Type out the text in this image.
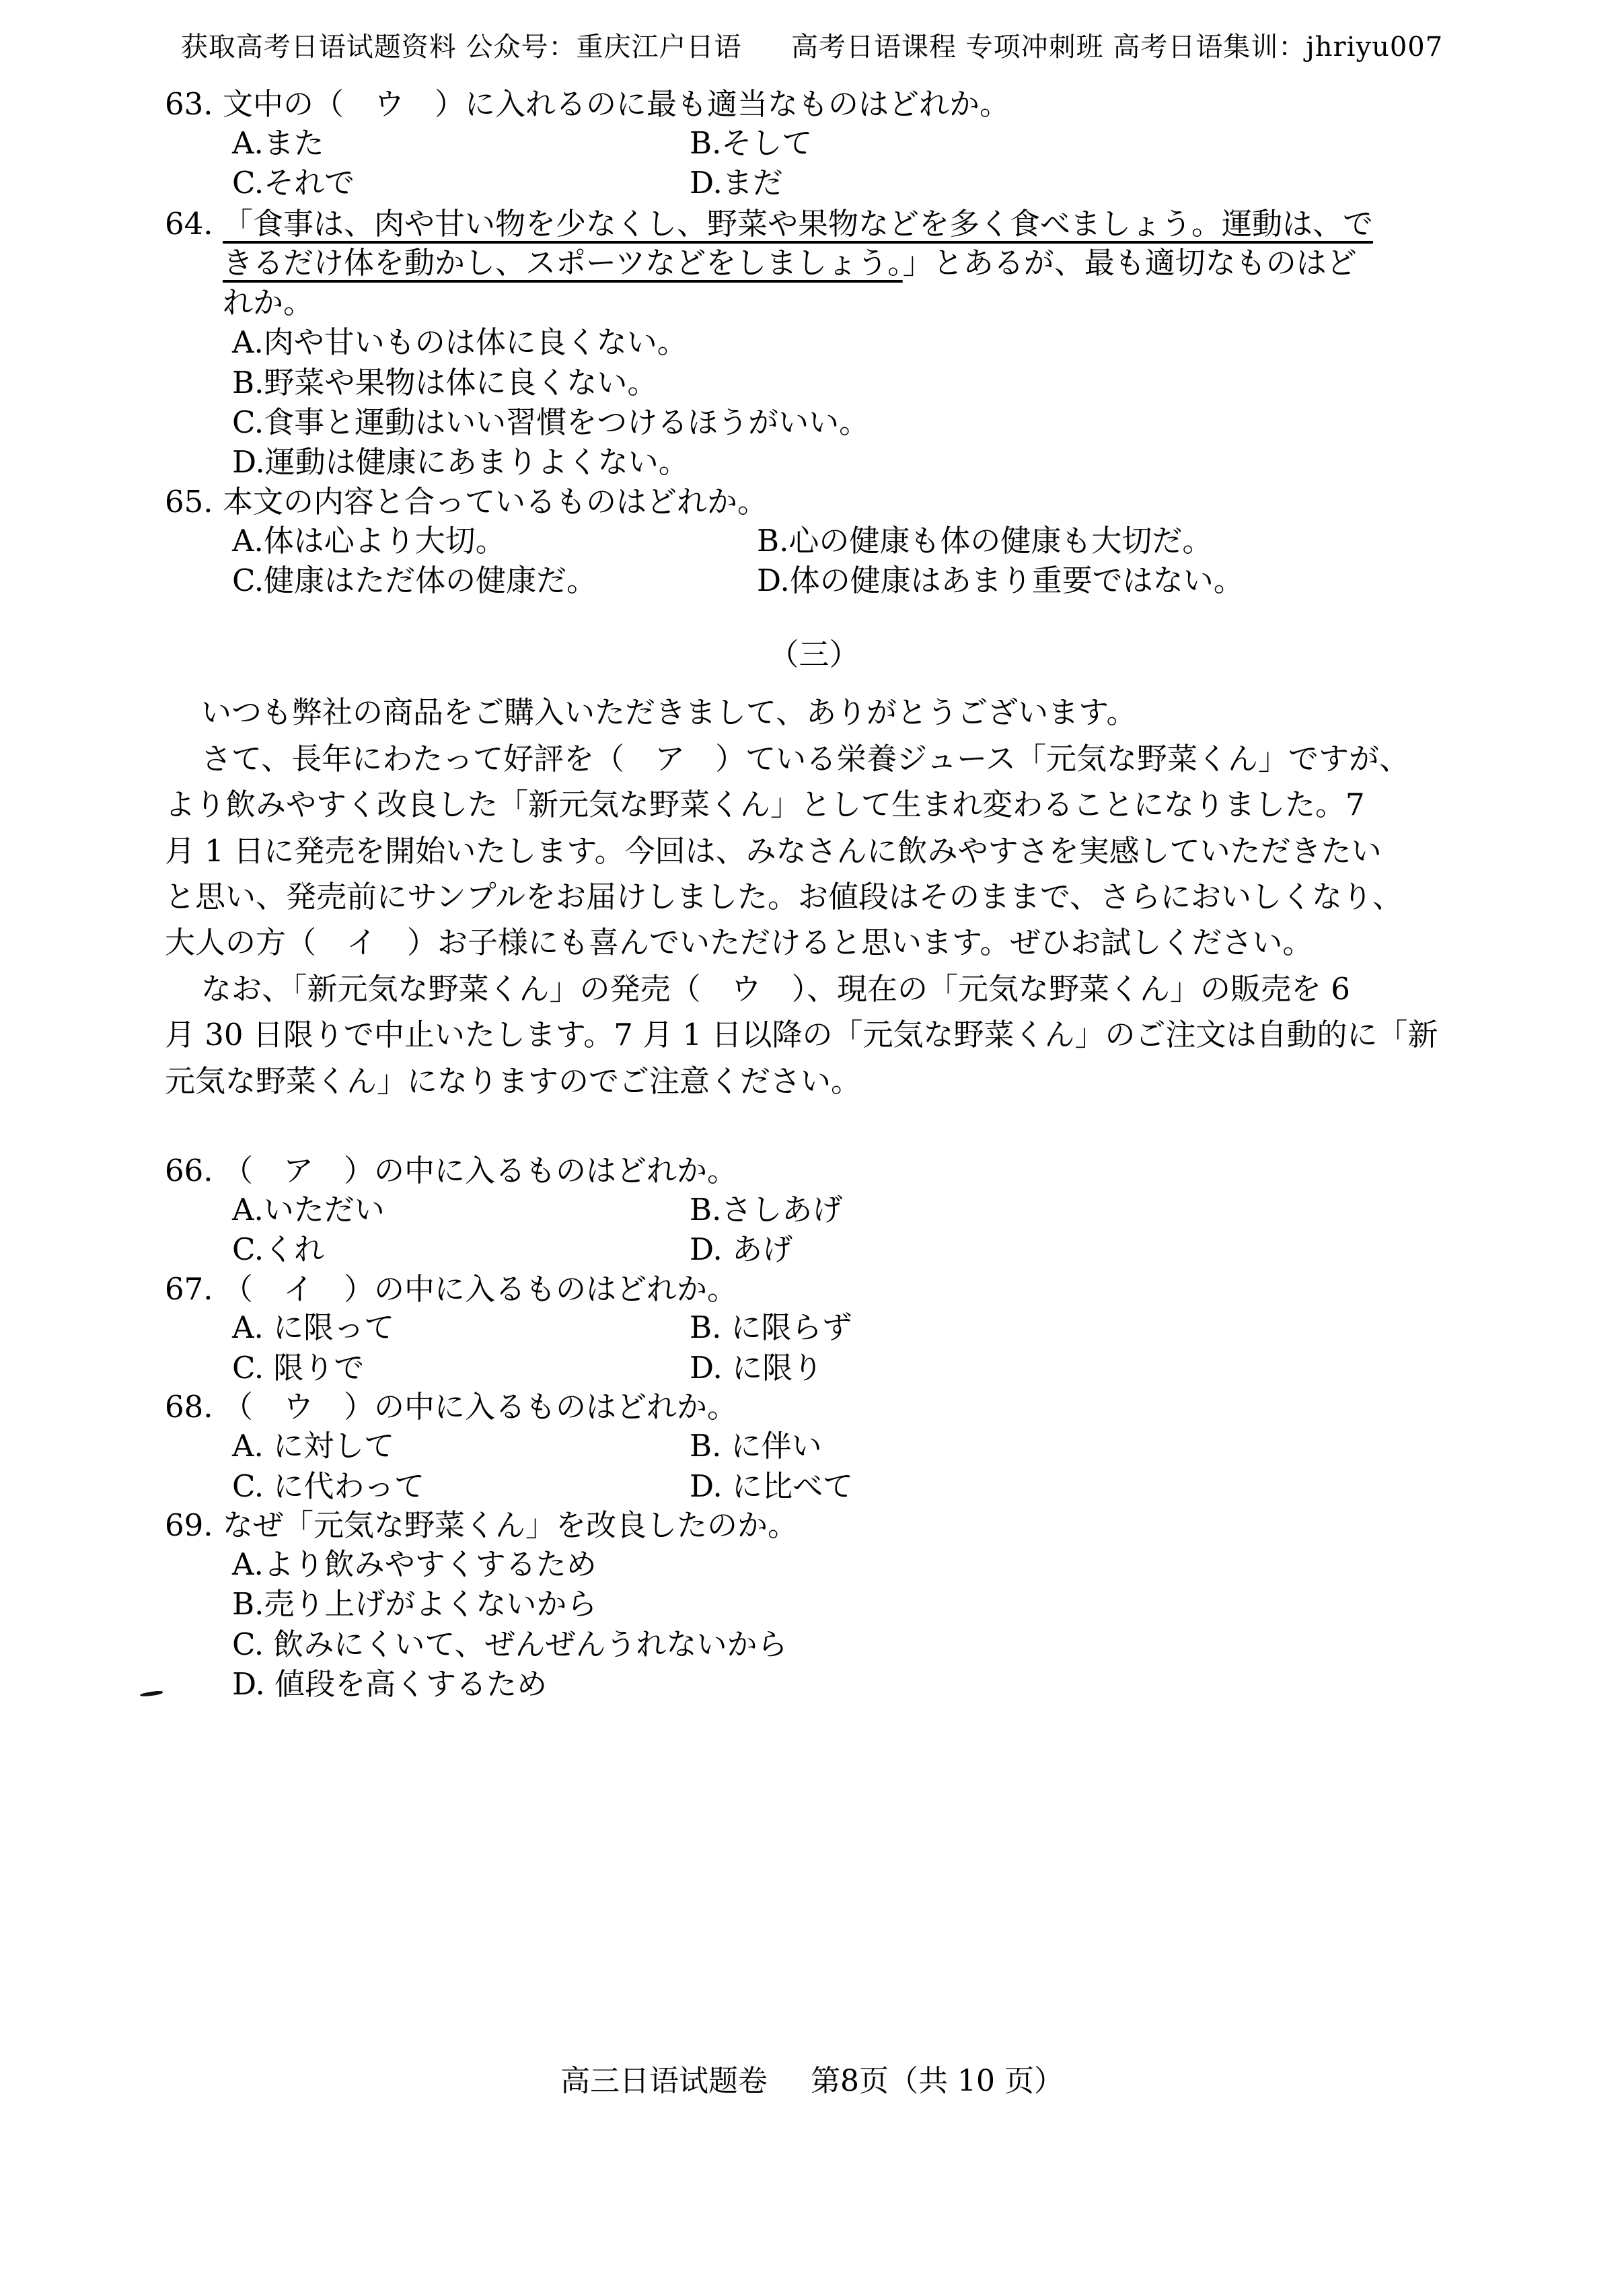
获取高考日语试题资料 公众号：重庆江户日语 高考日语课程 专项冲刺班 高考日语集训：jhriyu007
63. 文中の（　ウ　）に入れるのに最も適当なものはどれか。
A.また	B.そして
C.それで	D.まだ
64. 「食事は、肉や甘い物を少なくし、野菜や果物などを多く食べましょう。運動は、で
きるだけ体を動かし、スポーツなどをしましょう。」とあるが、最も適切なものはど
れか。
A.肉や甘いものは体に良くない。
B.野菜や果物は体に良くない。
C.食事と運動はいい習慣をつけるほうがいい。
D.運動は健康にあまりよくない。
65. 本文の内容と合っているものはどれか。
A.体は心より大切。	B.心の健康も体の健康も大切だ。
C.健康はただ体の健康だ。	D.体の健康はあまり重要ではない。
（三）
いつも弊社の商品をご購入いただきまして、ありがとうございます。
さて、長年にわたって好評を（　ア　）ている栄養ジュース「元気な野菜くん」ですが、
より飲みやすく改良した「新元気な野菜くん」として生まれ変わることになりました。7
月 1 日に発売を開始いたします。今回は、みなさんに飲みやすさを実感していただきたい
と思い、発売前にサンプルをお届けしました。お値段はそのままで、さらにおいしくなり、
大人の方（　イ　）お子様にも喜んでいただけると思います。ぜひお試しください。
なお、「新元気な野菜くん」の発売（　ウ　）、現在の「元気な野菜くん」の販売を 6
月 30 日限りで中止いたします。7 月 1 日以降の「元気な野菜くん」のご注文は自動的に「新
元気な野菜くん」になりますのでご注意ください。
66. （　ア　）の中に入るものはどれか。
A.いただい	B.さしあげ
C.くれ	D. あげ
67. （　イ　）の中に入るものはどれか。
A. に限って	B. に限らず
C. 限りで	D. に限り
68. （　ウ　）の中に入るものはどれか。
A. に対して	B. に伴い
C. に代わって	D. に比べて
69. なぜ「元気な野菜くん」を改良したのか。
A.より飲みやすくするため
B.売り上げがよくないから
C. 飲みにくいて、ぜんぜんうれないから
D. 値段を高くするため
高三日语试题卷 第8页（共 10 页）
